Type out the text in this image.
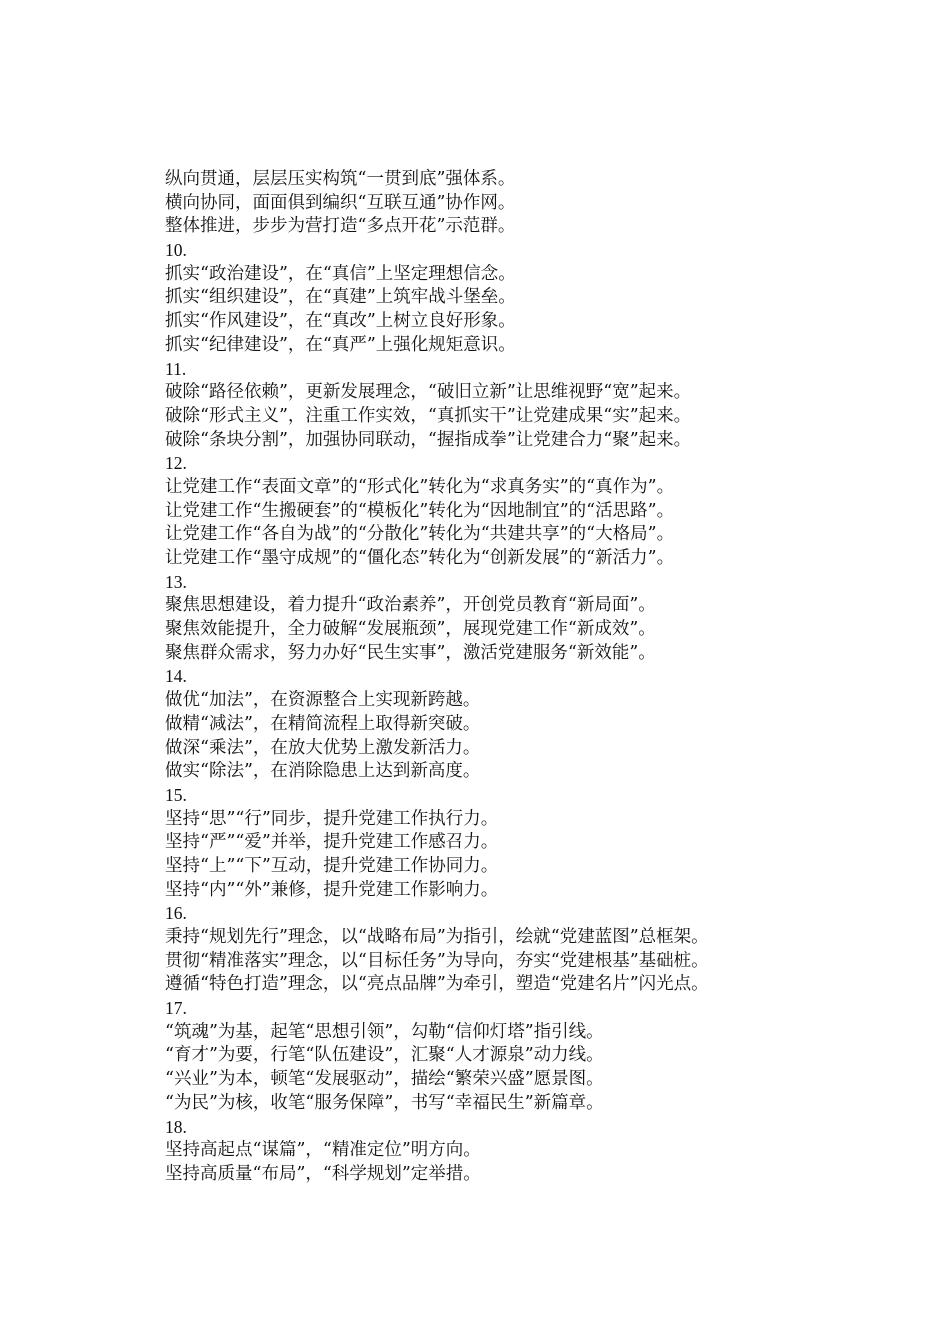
纵向贯通，层层压实构筑“一贯到底”强体系。
横向协同，面面俱到编织“互联互通”协作网。
整体推进，步步为营打造“多点开花”示范群。
10.
抓实“政治建设”，在“真信”上坚定理想信念。
抓实“组织建设”，在“真建”上筑牢战斗堡垒。
抓实“作风建设”，在“真改”上树立良好形象。
抓实“纪律建设”，在“真严”上强化规矩意识。
11.
破除“路径依赖”，更新发展理念，“破旧立新”让思维视野“宽”起来。
破除“形式主义”，注重工作实效，“真抓实干”让党建成果“实”起来。
破除“条块分割”，加强协同联动，“握指成拳”让党建合力“聚”起来。
12.
让党建工作“表面文章”的“形式化”转化为“求真务实”的“真作为”。
让党建工作“生搬硬套”的“模板化”转化为“因地制宜”的“活思路”。
让党建工作“各自为战”的“分散化”转化为“共建共享”的“大格局”。
让党建工作“墨守成规”的“僵化态”转化为“创新发展”的“新活力”。
13.
聚焦思想建设，着力提升“政治素养”，开创党员教育“新局面”。
聚焦效能提升，全力破解“发展瓶颈”，展现党建工作“新成效”。
聚焦群众需求，努力办好“民生实事”，激活党建服务“新效能”。
14.
做优“加法”，在资源整合上实现新跨越。
做精“减法”，在精简流程上取得新突破。
做深“乘法”，在放大优势上激发新活力。
做实“除法”，在消除隐患上达到新高度。
15.
坚持“思”“行”同步，提升党建工作执行力。
坚持“严”“爱”并举，提升党建工作感召力。
坚持“上”“下”互动，提升党建工作协同力。
坚持“内”“外”兼修，提升党建工作影响力。
16.
秉持“规划先行”理念，以“战略布局”为指引，绘就“党建蓝图”总框架。
贯彻“精准落实”理念，以“目标任务”为导向，夯实“党建根基”基础桩。
遵循“特色打造”理念，以“亮点品牌”为牵引，塑造“党建名片”闪光点。
17.
“筑魂”为基，起笔“思想引领”，勾勒“信仰灯塔”指引线。
“育才”为要，行笔“队伍建设”，汇聚“人才源泉”动力线。
“兴业”为本，顿笔“发展驱动”，描绘“繁荣兴盛”愿景图。
“为民”为核，收笔“服务保障”，书写“幸福民生”新篇章。
18.
坚持高起点“谋篇”，“精准定位”明方向。
坚持高质量“布局”，“科学规划”定举措。
